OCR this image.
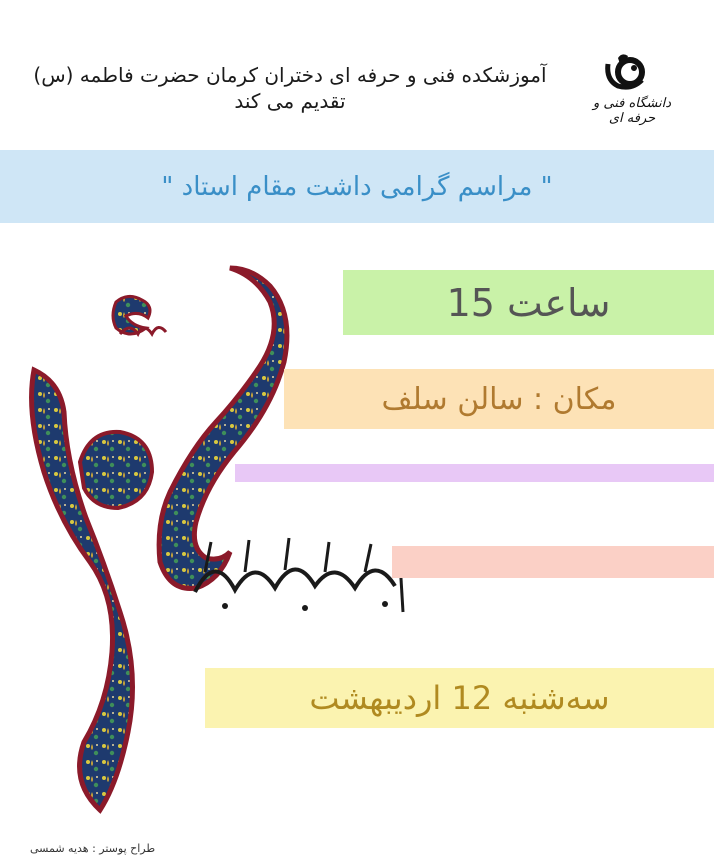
آموزشکده فنی و حرفه ای دختران کرمان حضرت فاطمه (س)
تقدیم می کند	دانشگاه فنی و حرفه ای
" مراسم گرامی داشت مقام استاد "
ساعت 15
مکان : سالن سلف
سه‌شنبه 12 اردیبهشت
طراح پوستر : هدیه شمسی
